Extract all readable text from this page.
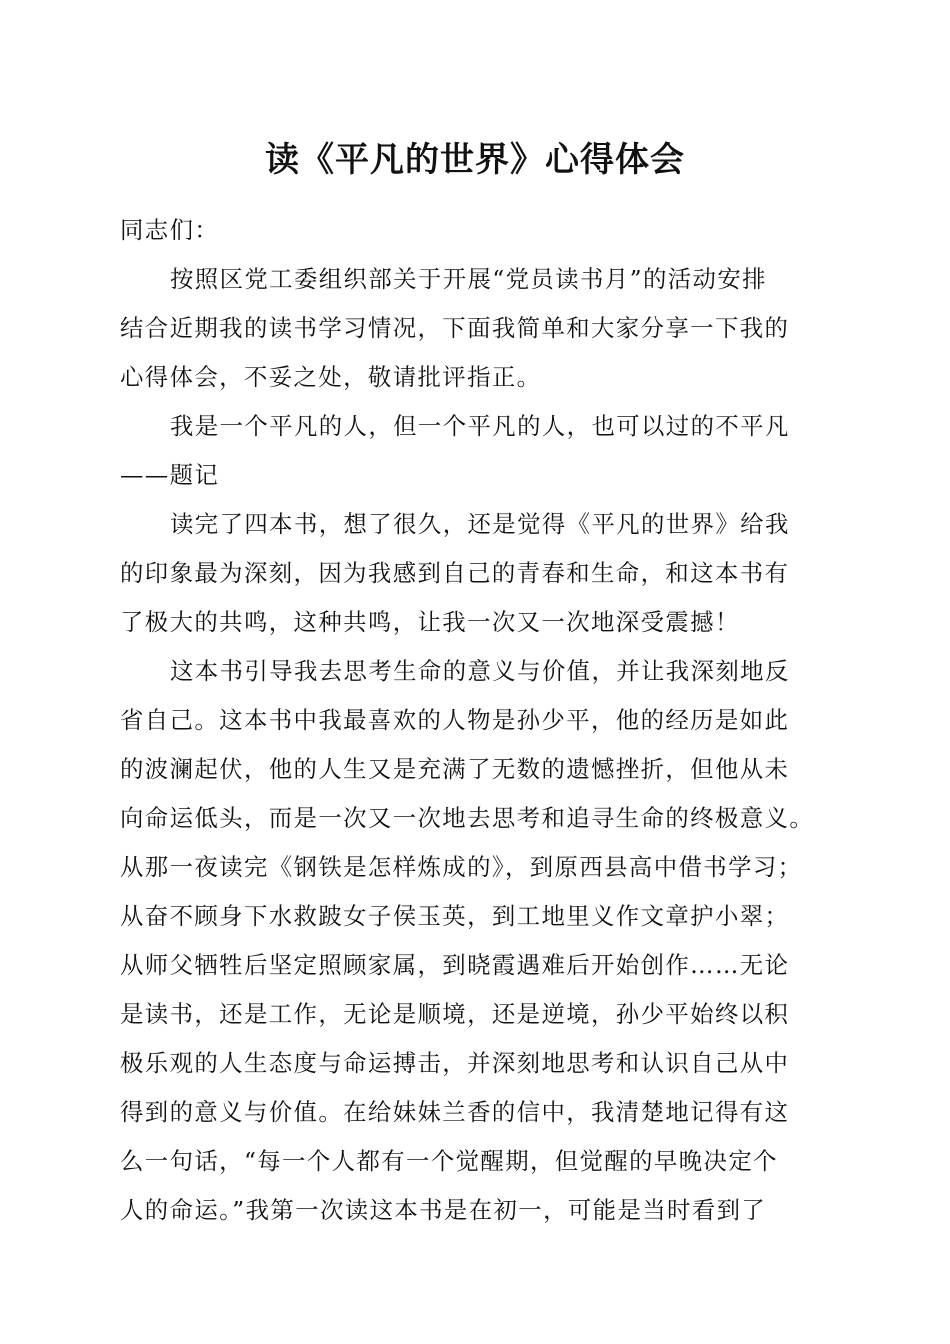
读《平凡的世界》心得体会
同志们：
按照区党工委组织部关于开展“党员读书月”的活动安排
结合近期我的读书学习情况，下面我简单和大家分享一下我的
心得体会，不妥之处，敬请批评指正。
我是一个平凡的人，但一个平凡的人，也可以过的不平凡
——题记
读完了四本书，想了很久，还是觉得《平凡的世界》给我
的印象最为深刻，因为我感到自己的青春和生命，和这本书有
了极大的共鸣，这种共鸣，让我一次又一次地深受震撼！
这本书引导我去思考生命的意义与价值，并让我深刻地反
省自己。这本书中我最喜欢的人物是孙少平，他的经历是如此
的波澜起伏，他的人生又是充满了无数的遗憾挫折，但他从未
向命运低头，而是一次又一次地去思考和追寻生命的终极意义。
从那一夜读完《钢铁是怎样炼成的》，到原西县高中借书学习；
从奋不顾身下水救跛女子侯玉英，到工地里义作文章护小翠；
从师父牺牲后坚定照顾家属，到晓霞遇难后开始创作……无论
是读书，还是工作，无论是顺境，还是逆境，孙少平始终以积
极乐观的人生态度与命运搏击，并深刻地思考和认识自己从中
得到的意义与价值。在给妹妹兰香的信中，我清楚地记得有这
么一句话，“每一个人都有一个觉醒期，但觉醒的早晚决定个
人的命运。”我第一次读这本书是在初一，可能是当时看到了
